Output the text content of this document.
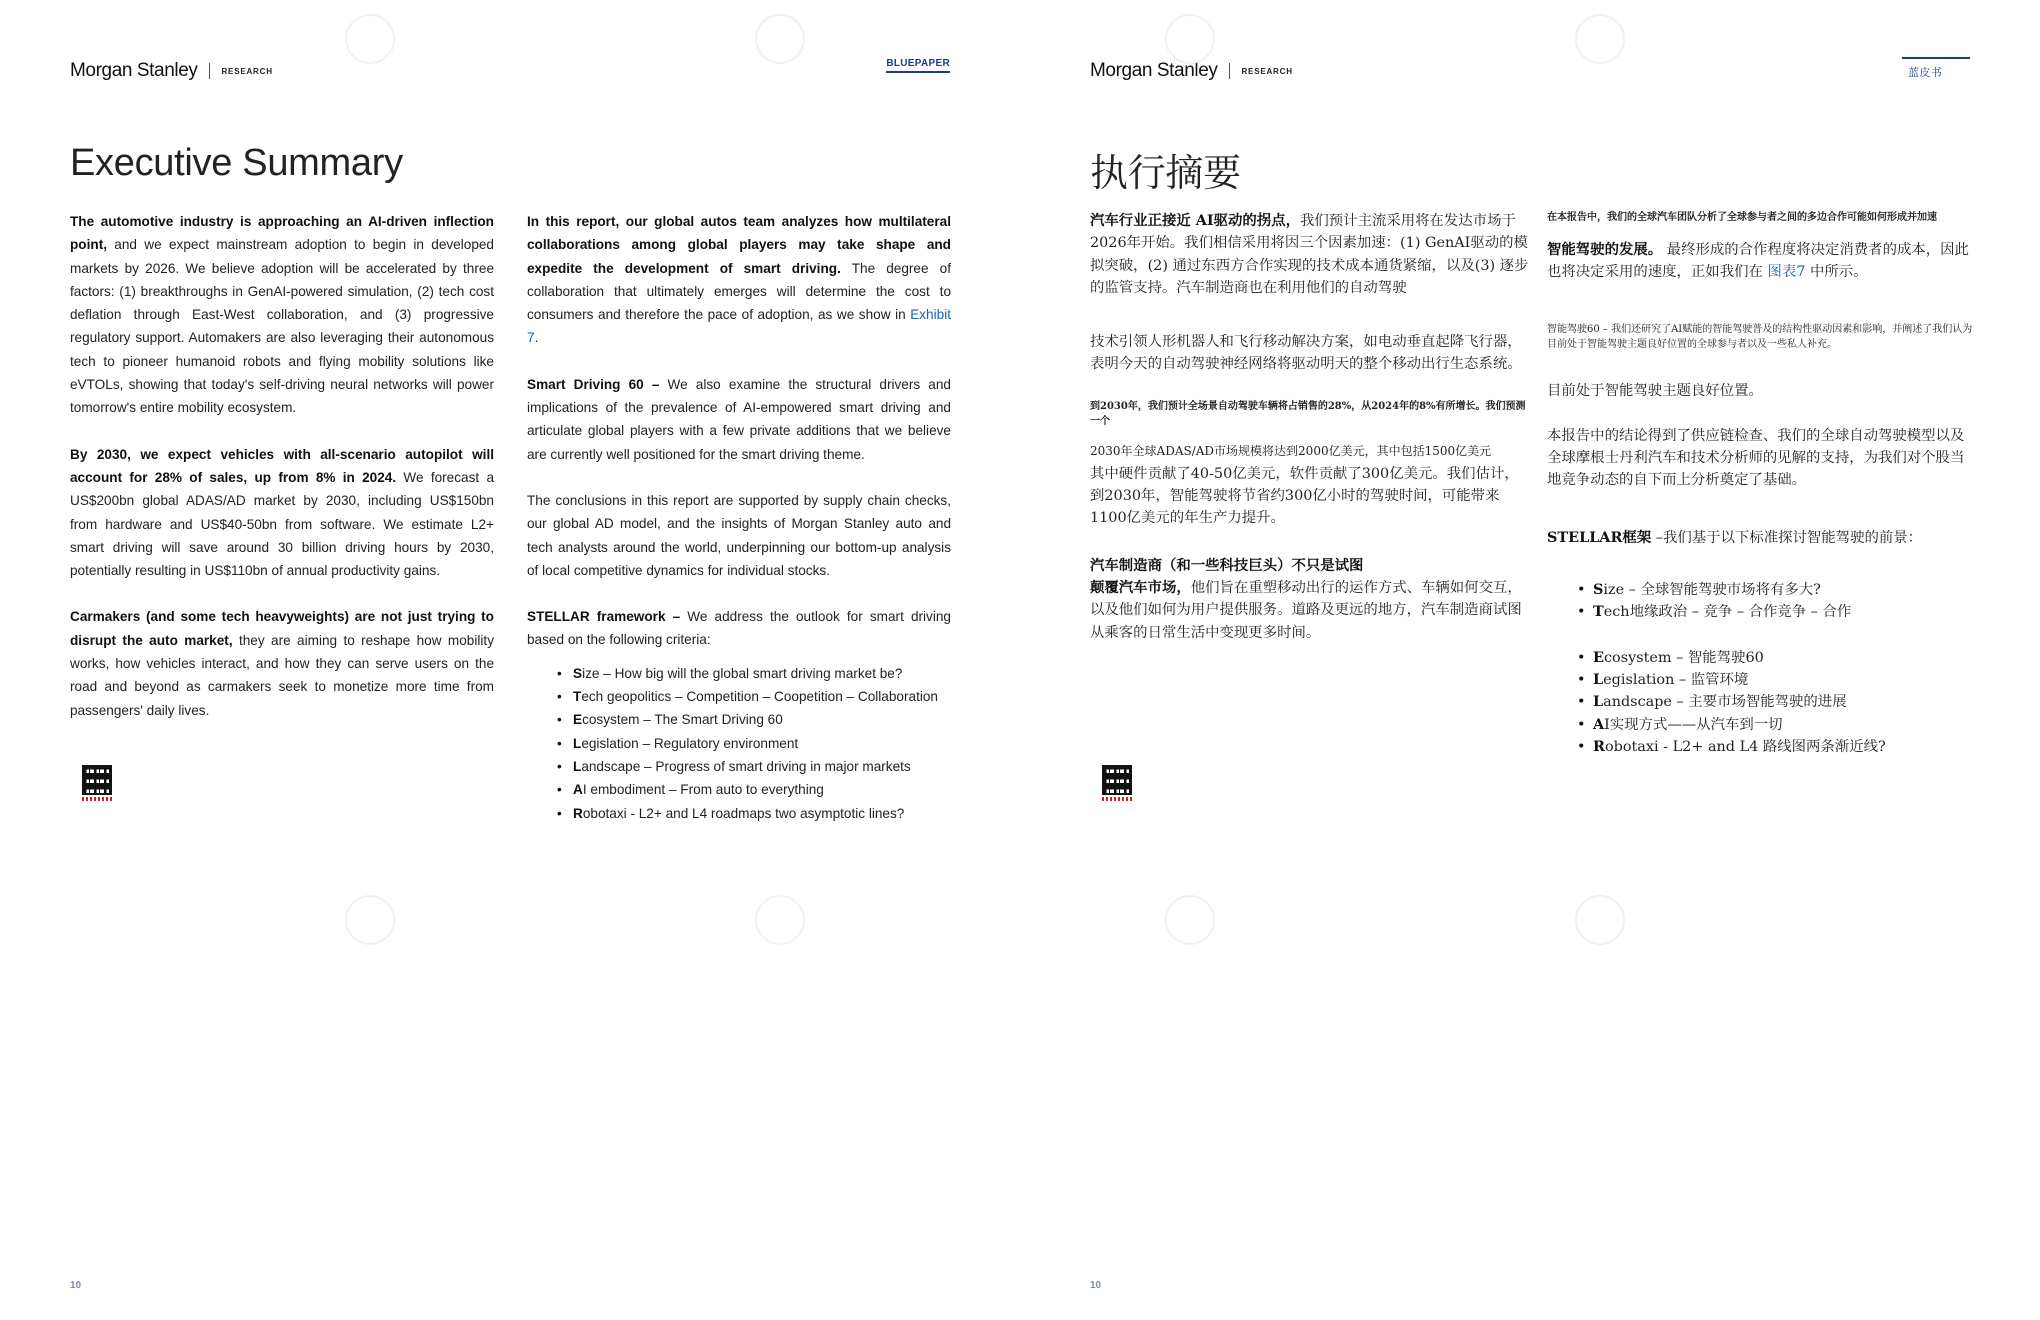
Morgan Stanley	RESEARCH
BLUEPAPER
Executive Summary

The automotive industry is approaching an AI-driven inflection point, and we expect mainstream adoption to begin in developed markets by 2026. We believe adoption will be accelerated by three factors: (1) breakthroughs in GenAI-powered simulation, (2) tech cost deflation through East-West collaboration, and (3) progressive regulatory support. Automakers are also leveraging their autonomous tech to pioneer humanoid robots and flying mobility solutions like eVTOLs, showing that today's self-driving neural networks will power tomorrow's entire mobility ecosystem.

By 2030, we expect vehicles with all-scenario autopilot will account for 28% of sales, up from 8% in 2024. We forecast a US$200bn global ADAS/AD market by 2030, including US$150bn from hardware and US$40-50bn from software. We estimate L2+ smart driving will save around 30 billion driving hours by 2030, potentially resulting in US$110bn of annual productivity gains.

Carmakers (and some tech heavyweights) are not just trying to disrupt the auto market, they are aiming to reshape how mobility works, how vehicles interact, and how they can serve users on the road and beyond as carmakers seek to monetize more time from passengers' daily lives.

In this report, our global autos team analyzes how multilateral collaborations among global players may take shape and expedite the development of smart driving. The degree of collaboration that ultimately emerges will determine the cost to consumers and therefore the pace of adoption, as we show in Exhibit 7.

Smart Driving 60 – We also examine the structural drivers and implications of the prevalence of AI-empowered smart driving and articulate global players with a few private additions that we believe are currently well positioned for the smart driving theme.

The conclusions in this report are supported by supply chain checks, our global AD model, and the insights of Morgan Stanley auto and tech analysts around the world, underpinning our bottom-up analysis of local competitive dynamics for individual stocks.

STELLAR framework – We address the outlook for smart driving based on the following criteria:

• Size – How big will the global smart driving market be?
• Tech geopolitics – Competition – Coopetition – Collaboration
• Ecosystem – The Smart Driving 60
• Legislation – Regulatory environment
• Landscape – Progress of smart driving in major markets
• AI embodiment – From auto to everything
• Robotaxi - L2+ and L4 roadmaps two asymptotic lines?
10
Morgan Stanley	RESEARCH	蓝皮书
执行摘要

汽车行业正接近 AI驱动的拐点，我们预计主流采用将在发达市场于2026年开始。我们相信采用将因三个因素加速：(1) GenAI驱动的模拟突破，(2) 通过东西方合作实现的技术成本通货紧缩，以及(3) 逐步的监管支持。汽车制造商也在利用他们的自动驾驶

技术引领人形机器人和飞行移动解决方案，如电动垂直起降飞行器，表明今天的自动驾驶神经网络将驱动明天的整个移动出行生态系统。

到2030年，我们预计全场景自动驾驶车辆将占销售的28%，从2024年的8%有所增长。我们预测一个

2030年全球ADAS/AD市场规模将达到2000亿美元，其中包括1500亿美元

其中硬件贡献了40-50亿美元，软件贡献了300亿美元。我们估计，到2030年，智能驾驶将节省约300亿小时的驾驶时间，可能带来1100亿美元的年生产力提升。

汽车制造商（和一些科技巨头）不只是试图

颠覆汽车市场，他们旨在重塑移动出行的运作方式、车辆如何交互，以及他们如何为用户提供服务。道路及更远的地方，汽车制造商试图从乘客的日常生活中变现更多时间。

在本报告中，我们的全球汽车团队分析了全球参与者之间的多边合作可能如何形成并加速

智能驾驶的发展。 最终形成的合作程度将决定消费者的成本，因此也将决定采用的速度，正如我们在 图表7 中所示。

智能驾驶60 – 我们还研究了AI赋能的智能驾驶普及的结构性驱动因素和影响，并阐述了我们认为目前处于智能驾驶主题良好位置的全球参与者以及一些私人补充。

目前处于智能驾驶主题良好位置。

本报告中的结论得到了供应链检查、我们的全球自动驾驶模型以及全球摩根士丹利汽车和技术分析师的见解的支持，为我们对个股当地竞争动态的自下而上分析奠定了基础。

STELLAR框架 –我们基于以下标准探讨智能驾驶的前景：

• Size – 全球智能驾驶市场将有多大?
• Tech地缘政治 – 竞争 – 合作竞争 – 合作
• Ecosystem – 智能驾驶60
• Legislation – 监管环境
• Landscape – 主要市场智能驾驶的进展
• AI实现方式——从汽车到一切
• Robotaxi - L2+ and L4 路线图两条渐近线?
10
